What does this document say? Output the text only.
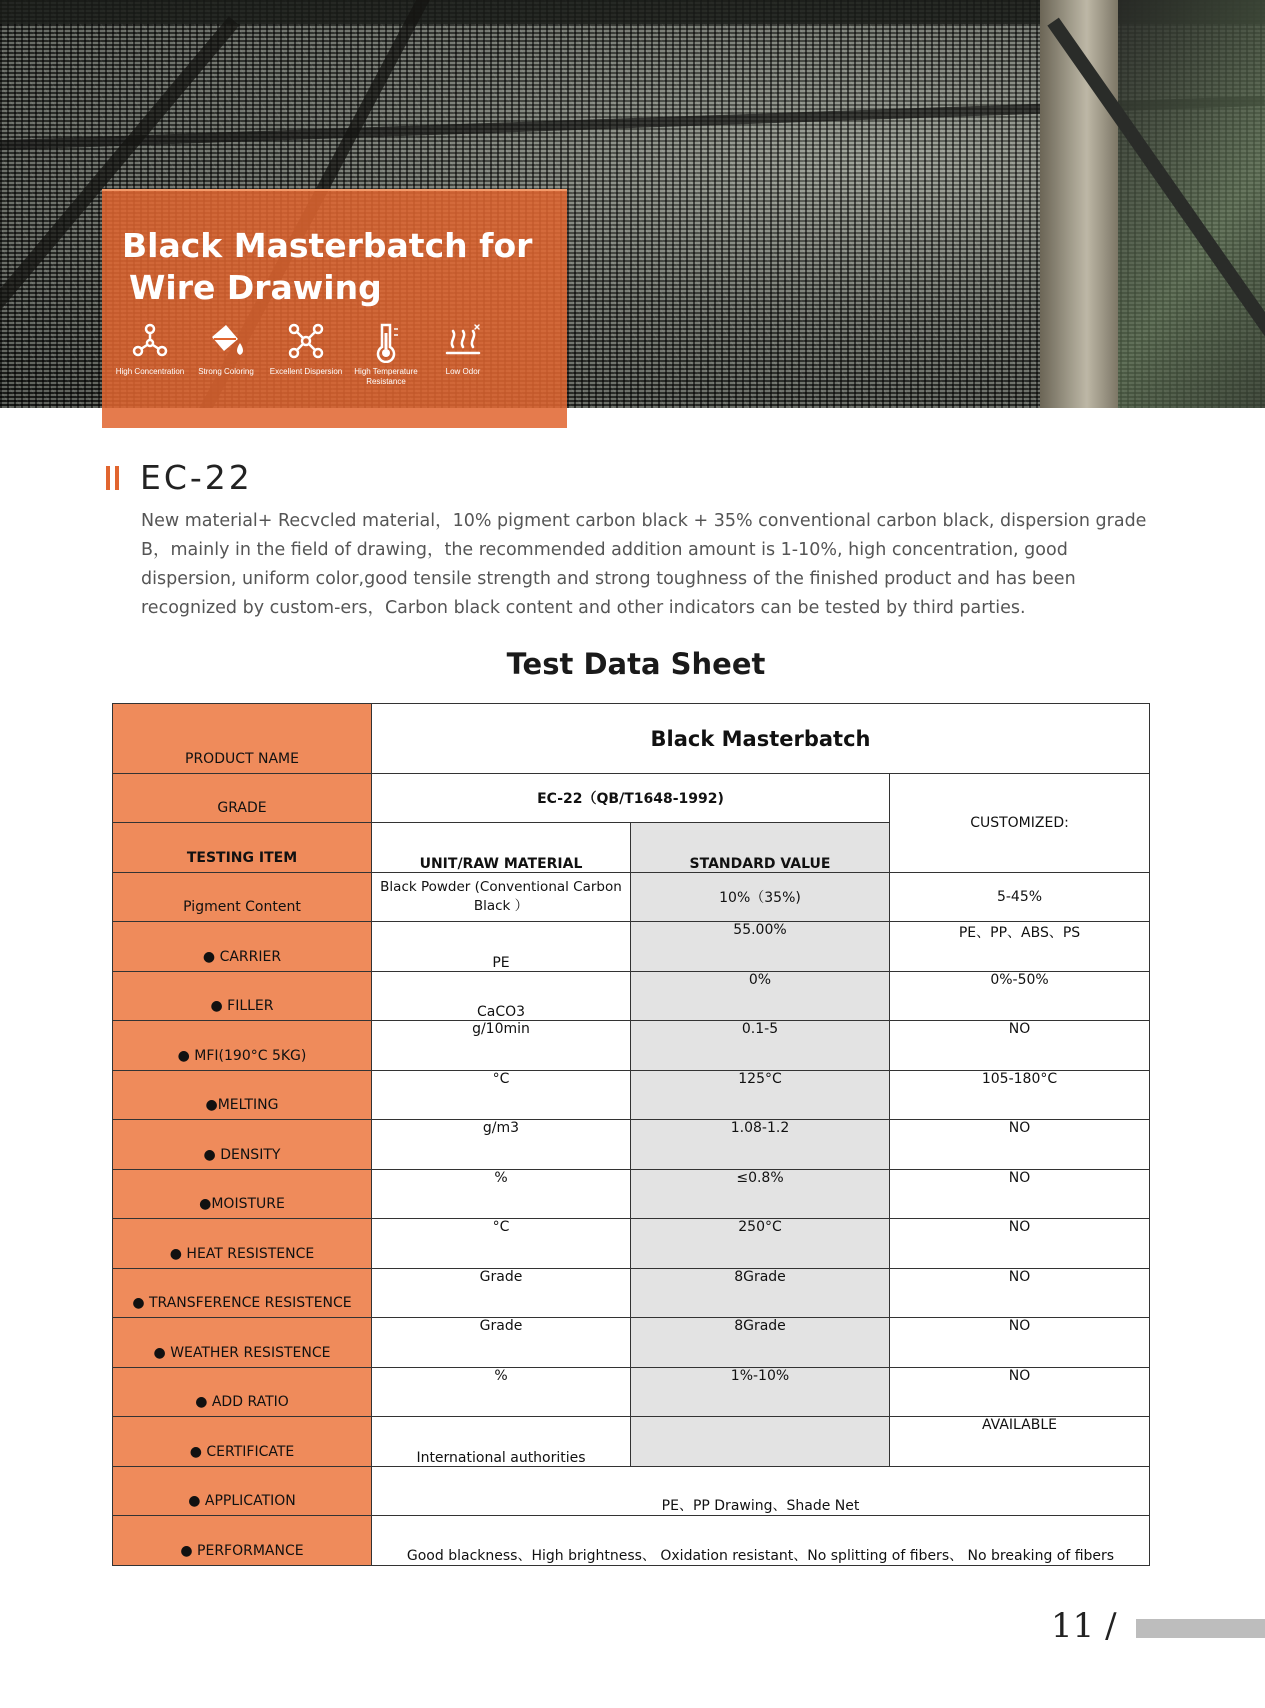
Black Masterbatch for
Wire Drawing
High Concentration	Strong Coloring	Excellent Dispersion	High Temperature Resistance
Low Odor
EC-22

New material+ Recvcled material，10% pigment carbon black + 35% conventional carbon black, dispersion grade B，mainly in the field of drawing，the recommended addition amount is 1-10%, high concentration, good dispersion, uniform color,good tensile strength and strong toughness of the finished product and has been recognized by custom-ers，Carbon black content and other indicators can be tested by third parties.

Test Data Sheet
PRODUCT NAME	Black Masterbatch		
GRADE	EC-22（QB/T1648-1992)		CUSTOMIZED:
TESTING ITEM	UNIT/RAW MATERIAL	STANDARD VALUE	
Pigment Content	Black Powder (Conventional Carbon Black ）	10%（35%)	5-45%
● CARRIER	PE	55.00%	PE、PP、ABS、PS
● FILLER	CaCO3	0%	0%-50%
● MFI(190°C 5KG)	g/10min	0.1-5	NO
●MELTING	°C	125°C	105-180°C
● DENSITY	g/m3	1.08-1.2	NO
●MOISTURE	%	≤0.8%	NO
● HEAT RESISTENCE	°C	250°C	NO
● TRANSFERENCE RESISTENCE	Grade	8Grade	NO
● WEATHER RESISTENCE	Grade	8Grade	NO
● ADD RATIO	%	1%-10%	NO
● CERTIFICATE	International authorities		AVAILABLE
● APPLICATION	PE、PP Drawing、Shade Net		
● PERFORMANCE	Good blackness、High brightness、 Oxidation resistant、No splitting of fibers、 No breaking of fibers		
11 /
